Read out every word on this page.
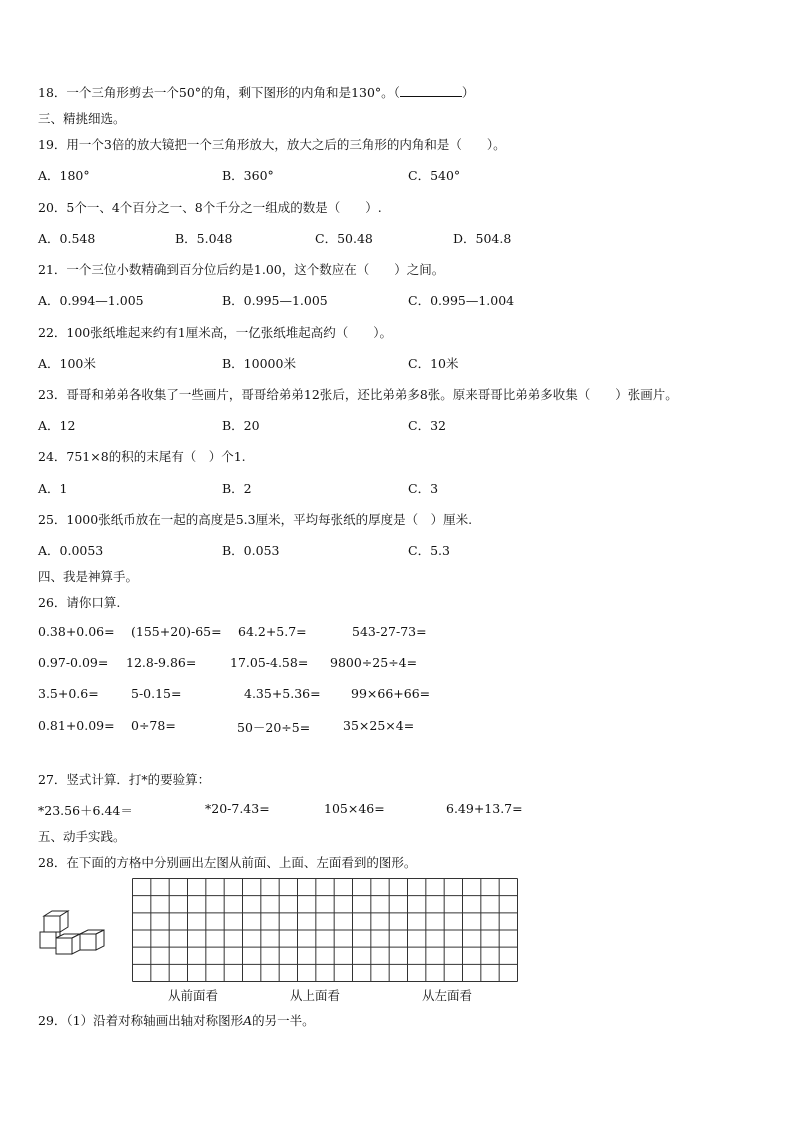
18．一个三角形剪去一个50°的角，剩下图形的内角和是130°。（	）
三、精挑细选。
19．用一个3倍的放大镜把一个三角形放大，放大之后的三角形的内角和是（　　）。
A．180°	B．360°	C．540°
20．5个一、4个百分之一、8个千分之一组成的数是（　　）.
A．0.548	B．5.048	C．50.48	D．504.8
21．一个三位小数精确到百分位后约是1.00，这个数应在（　　）之间。
A．0.994—1.005	B．0.995—1.005	C．0.995—1.004
22．100张纸堆起来约有1厘米高，一亿张纸堆起高约（　　）。
A．100米	B．10000米	C．10米
23．哥哥和弟弟各收集了一些画片，哥哥给弟弟12张后，还比弟弟多8张。原来哥哥比弟弟多收集（　　）张画片。
A．12	B．20	C．32
24．751×8的积的末尾有（　）个1.
A．1	B．2	C．3
25．1000张纸币放在一起的高度是5.3厘米，平均每张纸的厚度是（　）厘米.
A．0.0053	B．0.053	C．5.3
四、我是神算手。
26．请你口算.
0.38+0.06= (155+20)-65= 64.2+5.7=	543-27-73=
0.97-0.09= 12.8-9.86=	17.05-4.58= 9800÷25÷4=
3.5+0.6=	5-0.15=	4.35+5.36= 99×66+66=
0.81+0.09= 0÷78=	50－20÷5=	35×25×4=
27．竖式计算．打*的要验算：
*23.56＋6.44＝	*20-7.43=	105×46=	6.49+13.7=
五、动手实践。
28．在下面的方格中分别画出左图从前面、上面、左面看到的图形。
从前面看	从上面看	从左面看
29．（1）沿着对称轴画出轴对称图形A的另一半。
